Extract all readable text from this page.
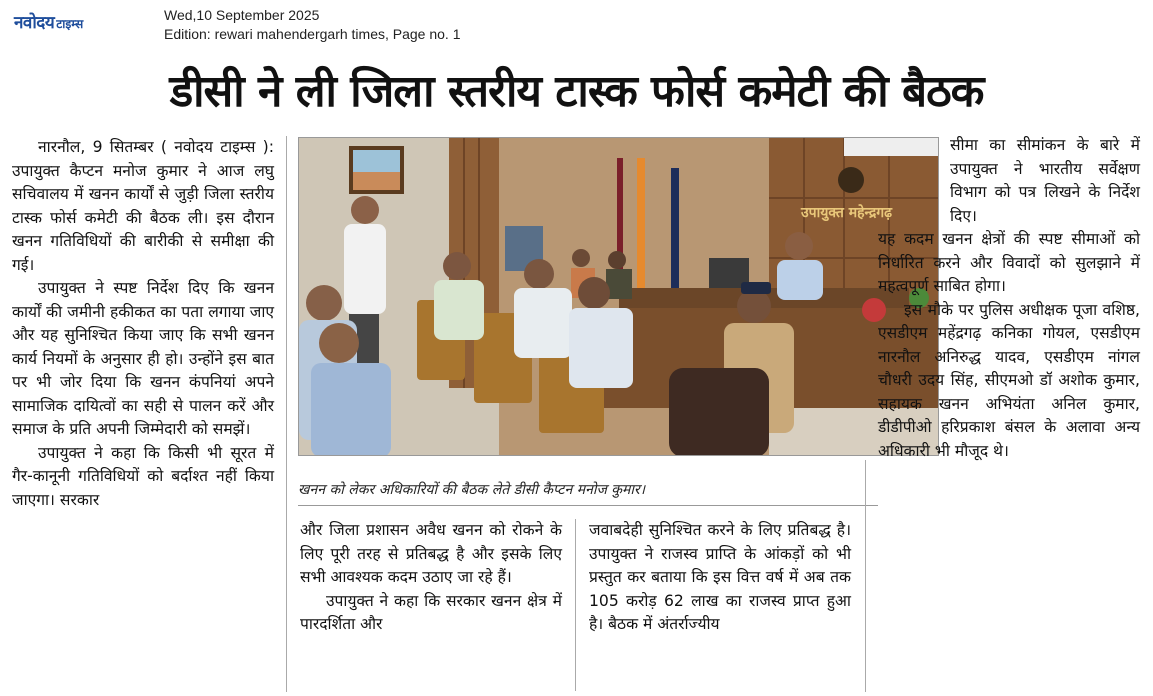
नवोदय टाइम्स
Wed,10 September 2025
Edition: rewari mahendergarh times, Page no. 1
डीसी ने ली जिला स्तरीय टास्क फोर्स कमेटी की बैठक

नारनौल, 9 सितम्बर ( नवोदय टाइम्स ): उपायुक्त कैप्टन मनोज कुमार ने आज लघु सचिवालय में खनन कार्यों से जुड़ी जिला स्तरीय टास्क फोर्स कमेटी की बैठक ली। इस दौरान खनन गतिविधियों की बारीकी से समीक्षा की गई।

उपायुक्त ने स्पष्ट निर्देश दिए कि खनन कार्यों की जमीनी हकीकत का पता लगाया जाए और यह सुनिश्चित किया जाए कि सभी खनन कार्य नियमों के अनुसार ही हो। उन्होंने इस बात पर भी जोर दिया कि खनन कंपनियां अपने सामाजिक दायित्वों का सही से पालन करें और समाज के प्रति अपनी जिम्मेदारी को समझें।

उपायुक्त ने कहा कि किसी भी सूरत में गैर-कानूनी गतिविधियों को बर्दाश्त नहीं किया जाएगा। सरकार

उपायुक्त महेन्द्रगढ़
खनन को लेकर अधिकारियों की बैठक लेते डीसी कैप्टन मनोज कुमार।

और जिला प्रशासन अवैध खनन को रोकने के लिए पूरी तरह से प्रतिबद्ध है और इसके लिए सभी आवश्यक कदम उठाए जा रहे हैं।

उपायुक्त ने कहा कि सरकार खनन क्षेत्र में पारदर्शिता और

जवाबदेही सुनिश्चित करने के लिए प्रतिबद्ध है। उपायुक्त ने राजस्व प्राप्ति के आंकड़ों को भी प्रस्तुत कर बताया कि इस वित्त वर्ष में अब तक 105 करोड़ 62 लाख का राजस्व प्राप्त हुआ है। बैठक में अंतर्राज्यीय

सीमा का सीमांकन के बारे में उपायुक्त ने भारतीय सर्वेक्षण विभाग को पत्र लिखने के निर्देश दिए।

यह कदम खनन क्षेत्रों की स्पष्ट सीमाओं को निर्धारित करने और विवादों को सुलझाने में महत्वपूर्ण साबित होगा।

इस मौके पर पुलिस अधीक्षक पूजा वशिष्ठ, एसडीएम महेंद्रगढ़ कनिका गोयल, एसडीएम नारनौल अनिरुद्ध यादव, एसडीएम नांगल चौधरी उदय सिंह, सीएमओ डॉ अशोक कुमार, सहायक खनन अभियंता अनिल कुमार, डीडीपीओ हरिप्रकाश बंसल के अलावा अन्य अधिकारी भी मौजूद थे।
